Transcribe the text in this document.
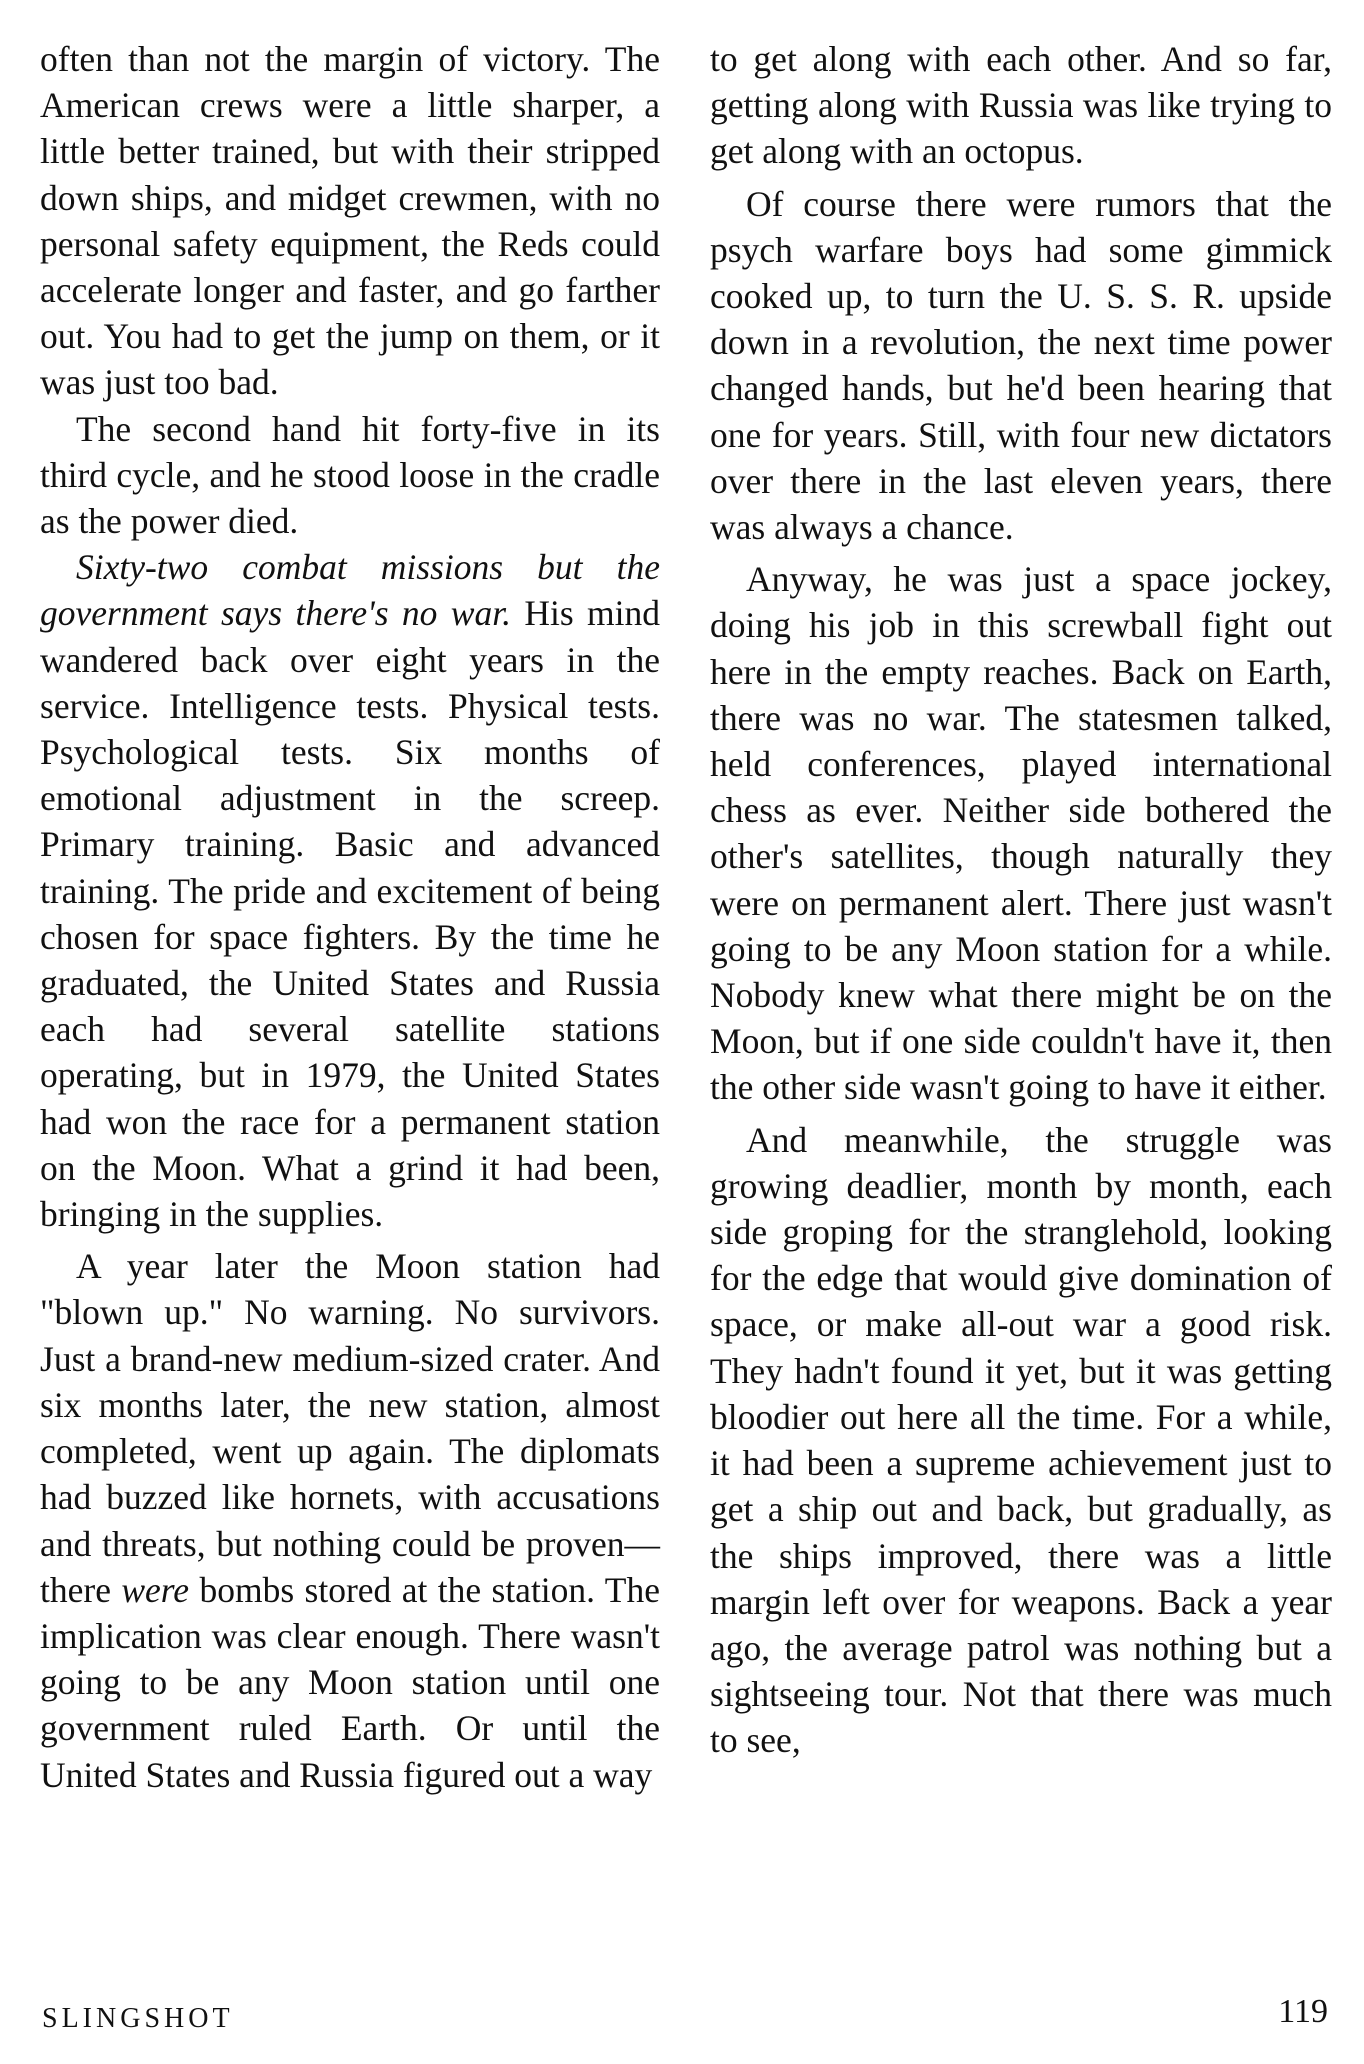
often than not the margin of victory. The American crews were a little sharper, a little better trained, but with their stripped down ships, and midget crewmen, with no personal safety equipment, the Reds could accelerate longer and faster, and go farther out. You had to get the jump on them, or it was just too bad.

The second hand hit forty-five in its third cycle, and he stood loose in the cradle as the power died.

Sixty-two combat missions but the government says there's no war. His mind wandered back over eight years in the service. Intelligence tests. Physical tests. Psychological tests. Six months of emotional adjustment in the screep. Primary training. Basic and advanced training. The pride and excitement of being chosen for space fighters. By the time he graduated, the United States and Russia each had several satellite stations operating, but in 1979, the United States had won the race for a permanent station on the Moon. What a grind it had been, bringing in the supplies.

A year later the Moon station had "blown up." No warning. No survivors. Just a brand-new medium-sized crater. And six months later, the new station, almost completed, went up again. The diplomats had buzzed like hornets, with accusations and threats, but nothing could be proven—there were bombs stored at the station. The implication was clear enough. There wasn't going to be any Moon station until one government ruled Earth. Or until the United States and Russia figured out a way

to get along with each other. And so far, getting along with Russia was like trying to get along with an octopus.

Of course there were rumors that the psych warfare boys had some gimmick cooked up, to turn the U. S. S. R. upside down in a revolution, the next time power changed hands, but he'd been hearing that one for years. Still, with four new dictators over there in the last eleven years, there was always a chance.

Anyway, he was just a space jockey, doing his job in this screwball fight out here in the empty reaches. Back on Earth, there was no war. The statesmen talked, held conferences, played international chess as ever. Neither side bothered the other's satellites, though naturally they were on permanent alert. There just wasn't going to be any Moon station for a while. Nobody knew what there might be on the Moon, but if one side couldn't have it, then the other side wasn't going to have it either.

And meanwhile, the struggle was growing deadlier, month by month, each side groping for the stranglehold, looking for the edge that would give domination of space, or make all-out war a good risk. They hadn't found it yet, but it was getting bloodier out here all the time. For a while, it had been a supreme achievement just to get a ship out and back, but gradually, as the ships improved, there was a little margin left over for weapons. Back a year ago, the average patrol was nothing but a sightseeing tour. Not that there was much to see,

SLINGSHOT	119
